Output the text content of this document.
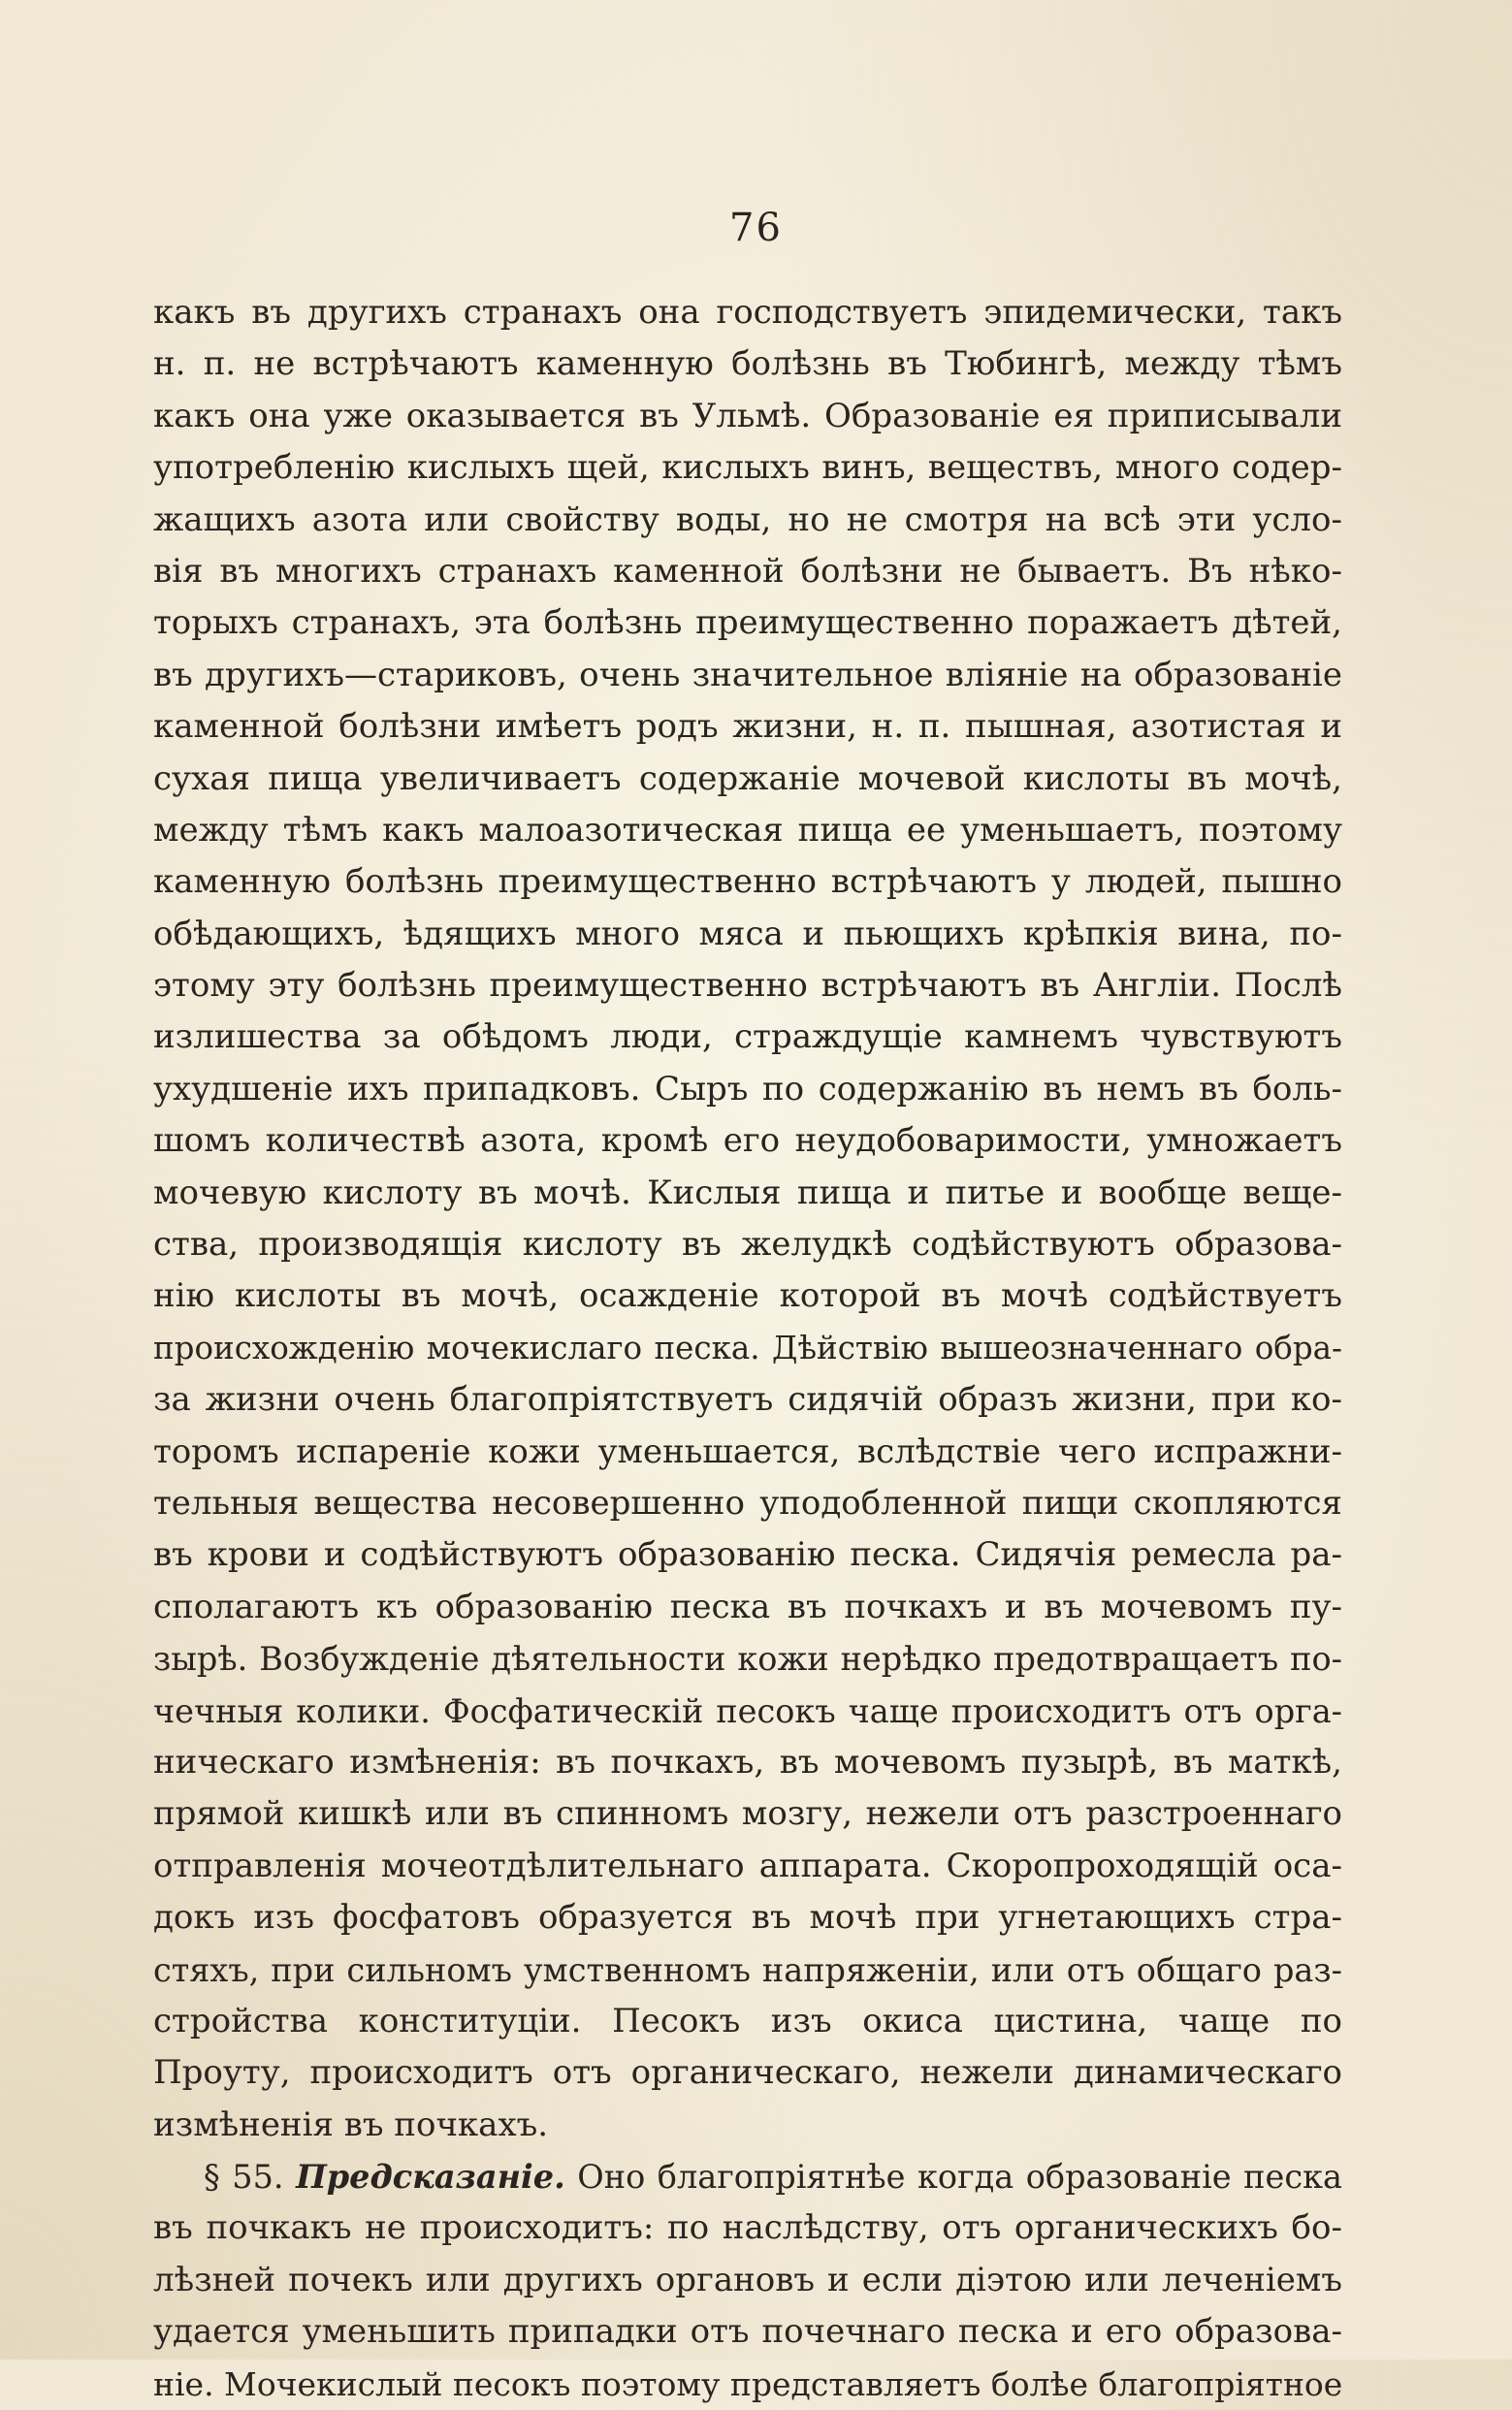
76
какъ въ другихъ странахъ она господствуетъ эпидемически, такъ
н. п. не встрѣчаютъ каменную болѣзнь въ Тюбингѣ, между тѣмъ
какъ она уже оказывается въ Ульмѣ. Образованіе ея приписывали
употребленію кислыхъ щей, кислыхъ винъ, веществъ, много содер-
жащихъ азота или свойству воды, но не смотря на всѣ эти усло-
вія въ многихъ странахъ каменной болѣзни не бываетъ. Въ нѣко-
торыхъ странахъ, эта болѣзнь преимущественно поражаетъ дѣтей,
въ другихъ—стариковъ, очень значительное вліяніе на образованіе
каменной болѣзни имѣетъ родъ жизни, н. п. пышная, азотистая и
сухая пища увеличиваетъ содержаніе мочевой кислоты въ мочѣ,
между тѣмъ какъ малоазотическая пища ее уменьшаетъ, поэтому
каменную болѣзнь преимущественно встрѣчаютъ у людей, пышно
обѣдающихъ, ѣдящихъ много мяса и пьющихъ крѣпкія вина, по-
этому эту болѣзнь преимущественно встрѣчаютъ въ Англіи. Послѣ
излишества за обѣдомъ люди, страждущіе камнемъ чувствуютъ
ухудшеніе ихъ припадковъ. Сыръ по содержанію въ немъ въ боль-
шомъ количествѣ азота, кромѣ его неудобоваримости, умножаетъ
мочевую кислоту въ мочѣ. Кислыя пища и питье и вообще веще-
ства, производящія кислоту въ желудкѣ содѣйствуютъ образова-
нію кислоты въ мочѣ, осажденіе которой въ мочѣ содѣйствуетъ
происхожденію мочекислаго песка. Дѣйствію вышеозначеннаго обра-
за жизни очень благопріятствуетъ сидячій образъ жизни, при ко-
торомъ испареніе кожи уменьшается, вслѣдствіе чего испражни-
тельныя вещества несовершенно уподобленной пищи скопляются
въ крови и содѣйствуютъ образованію песка. Сидячія ремесла ра-
сполагаютъ къ образованію песка въ почкахъ и въ мочевомъ пу-
зырѣ. Возбужденіе дѣятельности кожи нерѣдко предотвращаетъ по-
чечныя колики. Фосфатическій песокъ чаще происходитъ отъ орга-
ническаго измѣненія: въ почкахъ, въ мочевомъ пузырѣ, въ маткѣ,
прямой кишкѣ или въ спинномъ мозгу, нежели отъ разстроеннаго
отправленія мочеотдѣлительнаго аппарата. Скоропроходящій оса-
докъ изъ фосфатовъ образуется въ мочѣ при угнетающихъ стра-
стяхъ, при сильномъ умственномъ напряженіи, или отъ общаго раз-
стройства конституціи. Песокъ изъ окиса цистина, чаще по
Проуту, происходитъ отъ органическаго, нежели динамическаго
измѣненія въ почкахъ.
§ 55. Предсказаніе. Оно благопріятнѣе когда образованіе песка
въ почкакъ не происходитъ: по наслѣдству, отъ органическихъ бо-
лѣзней почекъ или другихъ органовъ и если діэтою или леченіемъ
удается уменьшить припадки отъ почечнаго песка и его образова-
ніе. Мочекислый песокъ поэтому представляетъ болѣе благопріятное
